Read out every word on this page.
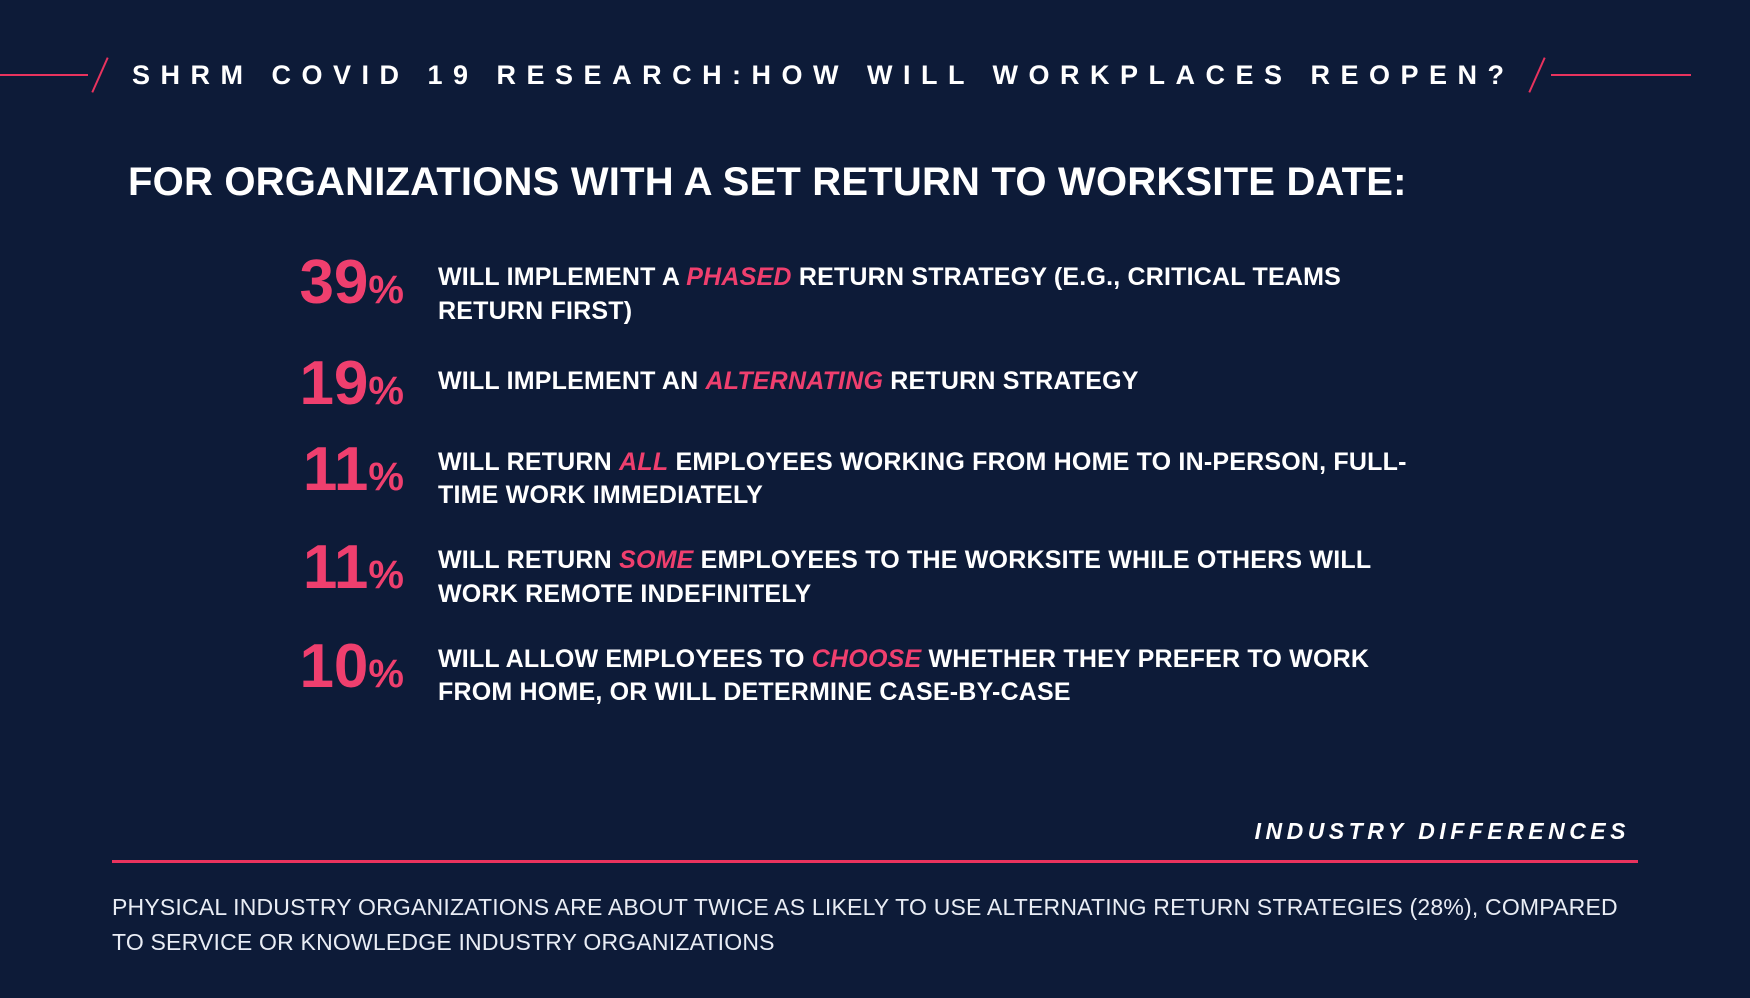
SHRM COVID 19 RESEARCH:HOW WILL WORKPLACES REOPEN?
FOR ORGANIZATIONS WITH A SET RETURN TO WORKSITE DATE:
39%	WILL IMPLEMENT A PHASED RETURN STRATEGY (E.G., CRITICAL TEAMS RETURN FIRST)
19%	WILL IMPLEMENT AN ALTERNATING RETURN STRATEGY
11%	WILL RETURN ALL EMPLOYEES WORKING FROM HOME TO IN-PERSON, FULL-TIME WORK IMMEDIATELY
11%	WILL RETURN SOME EMPLOYEES TO THE WORKSITE WHILE OTHERS WILL WORK REMOTE INDEFINITELY
10%	WILL ALLOW EMPLOYEES TO CHOOSE WHETHER THEY PREFER TO WORK FROM HOME, OR WILL DETERMINE CASE-BY-CASE
INDUSTRY DIFFERENCES
PHYSICAL INDUSTRY ORGANIZATIONS ARE ABOUT TWICE AS LIKELY TO USE ALTERNATING RETURN STRATEGIES (28%), COMPARED TO SERVICE OR KNOWLEDGE INDUSTRY ORGANIZATIONS
